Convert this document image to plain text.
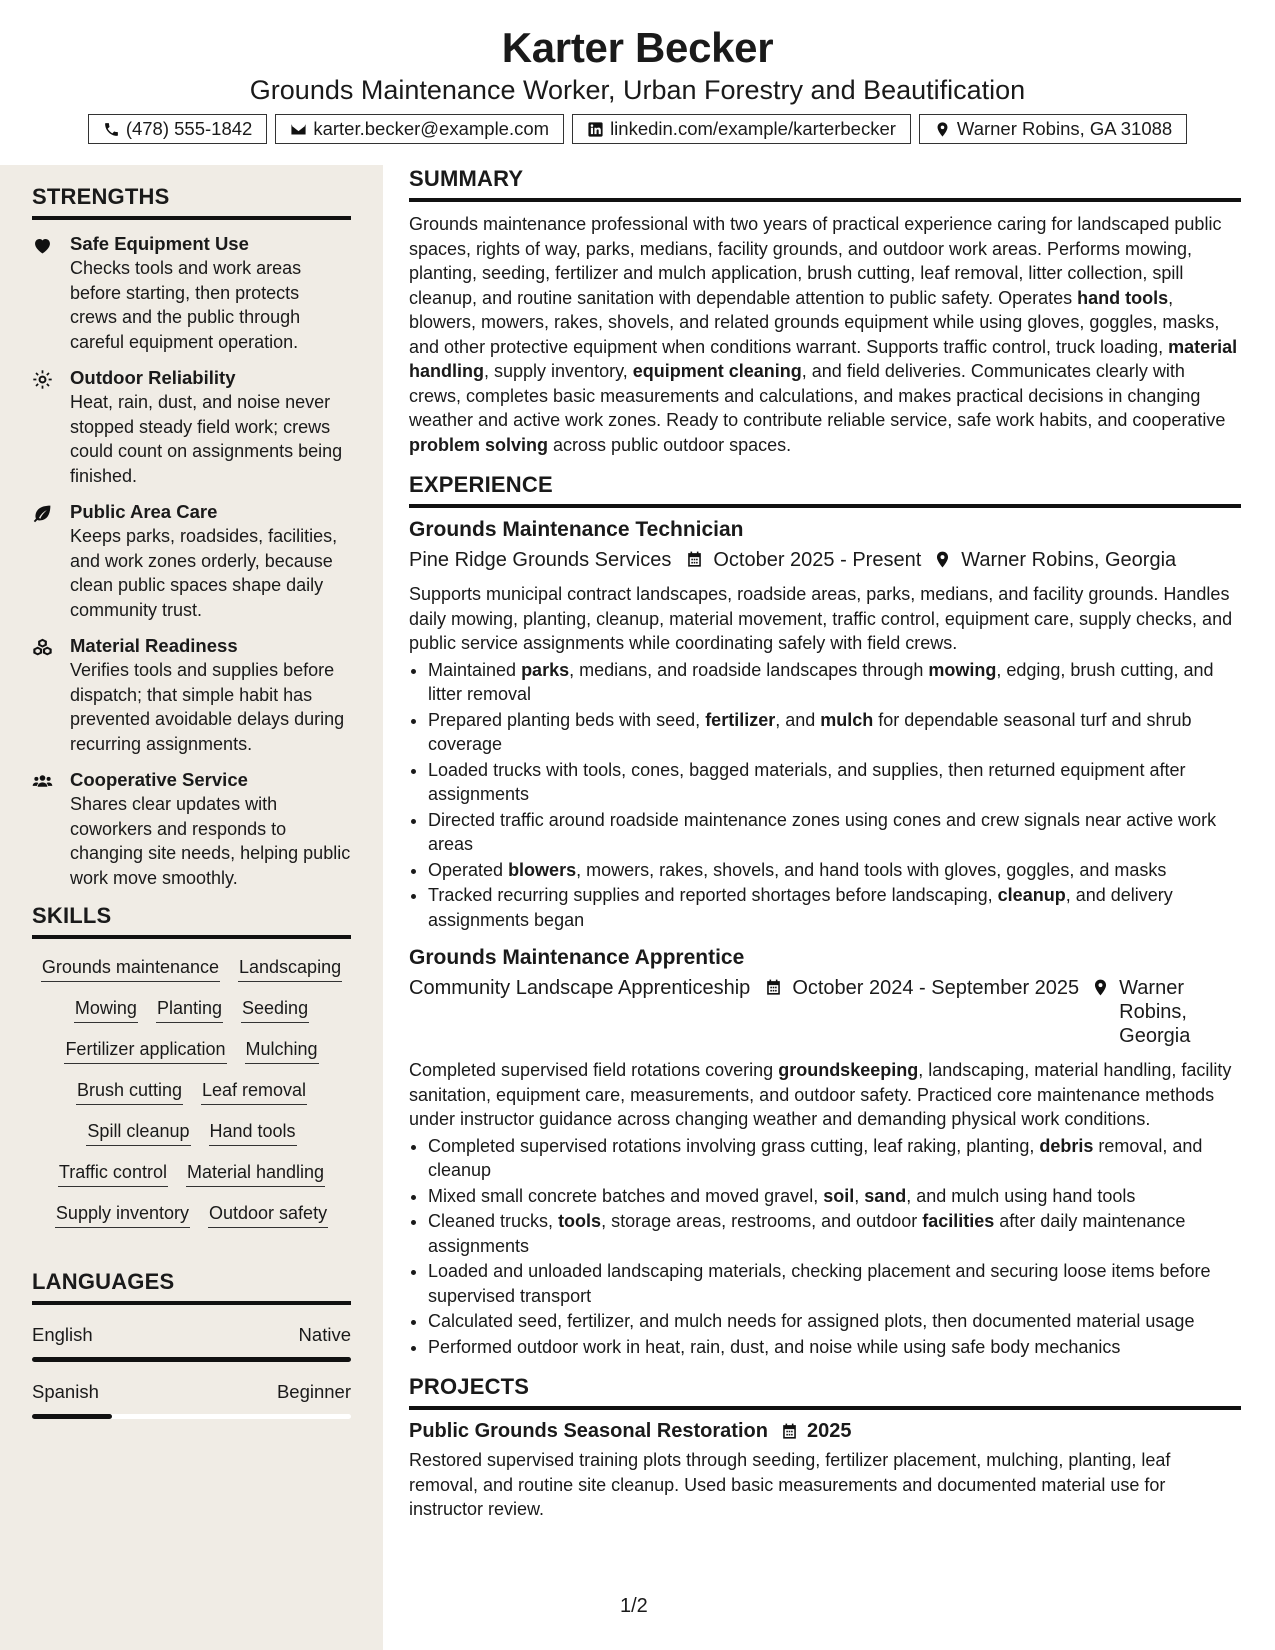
Karter Becker
Grounds Maintenance Worker, Urban Forestry and Beautification
(478) 555-1842	karter.becker@example.com	linkedin.com/example/karterbecker	Warner Robins, GA 31088
STRENGTHS
Safe Equipment Use
Checks tools and work areas before starting, then protects crews and the public through careful equipment operation.
Outdoor Reliability
Heat, rain, dust, and noise never stopped steady field work; crews could count on assignments being finished.
Public Area Care
Keeps parks, roadsides, facilities, and work zones orderly, because clean public spaces shape daily community trust.
Material Readiness
Verifies tools and supplies before dispatch; that simple habit has prevented avoidable delays during recurring assignments.
Cooperative Service
Shares clear updates with coworkers and responds to changing site needs, helping public work move smoothly.
SKILLS
Grounds maintenance Landscaping
Mowing Planting Seeding
Fertilizer application Mulching
Brush cutting Leaf removal
Spill cleanup Hand tools
Traffic control Material handling
Supply inventory Outdoor safety
LANGUAGES
English	Native
Spanish	Beginner
SUMMARY
Grounds maintenance professional with two years of practical experience caring for landscaped public spaces, rights of way, parks, medians, facility grounds, and outdoor work areas. Performs mowing, planting, seeding, fertilizer and mulch application, brush cutting, leaf removal, litter collection, spill cleanup, and routine sanitation with dependable attention to public safety. Operates hand tools, blowers, mowers, rakes, shovels, and related grounds equipment while using gloves, goggles, masks, and other protective equipment when conditions warrant. Supports traffic control, truck loading, material handling, supply inventory, equipment cleaning, and field deliveries. Communicates clearly with crews, completes basic measurements and calculations, and makes practical decisions in changing weather and active work zones. Ready to contribute reliable service, safe work habits, and cooperative problem solving across public outdoor spaces.
EXPERIENCE
Grounds Maintenance Technician
Pine Ridge Grounds Services October 2025 - Present Warner Robins, Georgia
Supports municipal contract landscapes, roadside areas, parks, medians, and facility grounds. Handles daily mowing, planting, cleanup, material movement, traffic control, equipment care, supply checks, and public service assignments while coordinating safely with field crews.
• Maintained parks, medians, and roadside landscapes through mowing, edging, brush cutting, and litter removal
• Prepared planting beds with seed, fertilizer, and mulch for dependable seasonal turf and shrub coverage
• Loaded trucks with tools, cones, bagged materials, and supplies, then returned equipment after assignments
• Directed traffic around roadside maintenance zones using cones and crew signals near active work areas
• Operated blowers, mowers, rakes, shovels, and hand tools with gloves, goggles, and masks
• Tracked recurring supplies and reported shortages before landscaping, cleanup, and delivery assignments began
Grounds Maintenance Apprentice
Community Landscape Apprenticeship October 2024 - September 2025 Warner Robins, Georgia
Completed supervised field rotations covering groundskeeping, landscaping, material handling, facility sanitation, equipment care, measurements, and outdoor safety. Practiced core maintenance methods under instructor guidance across changing weather and demanding physical work conditions.
• Completed supervised rotations involving grass cutting, leaf raking, planting, debris removal, and cleanup
• Mixed small concrete batches and moved gravel, soil, sand, and mulch using hand tools
• Cleaned trucks, tools, storage areas, restrooms, and outdoor facilities after daily maintenance assignments
• Loaded and unloaded landscaping materials, checking placement and securing loose items before supervised transport
• Calculated seed, fertilizer, and mulch needs for assigned plots, then documented material usage
• Performed outdoor work in heat, rain, dust, and noise while using safe body mechanics
PROJECTS
Public Grounds Seasonal Restoration 2025
Restored supervised training plots through seeding, fertilizer placement, mulching, planting, leaf removal, and routine site cleanup. Used basic measurements and documented material use for instructor review.
1/2
